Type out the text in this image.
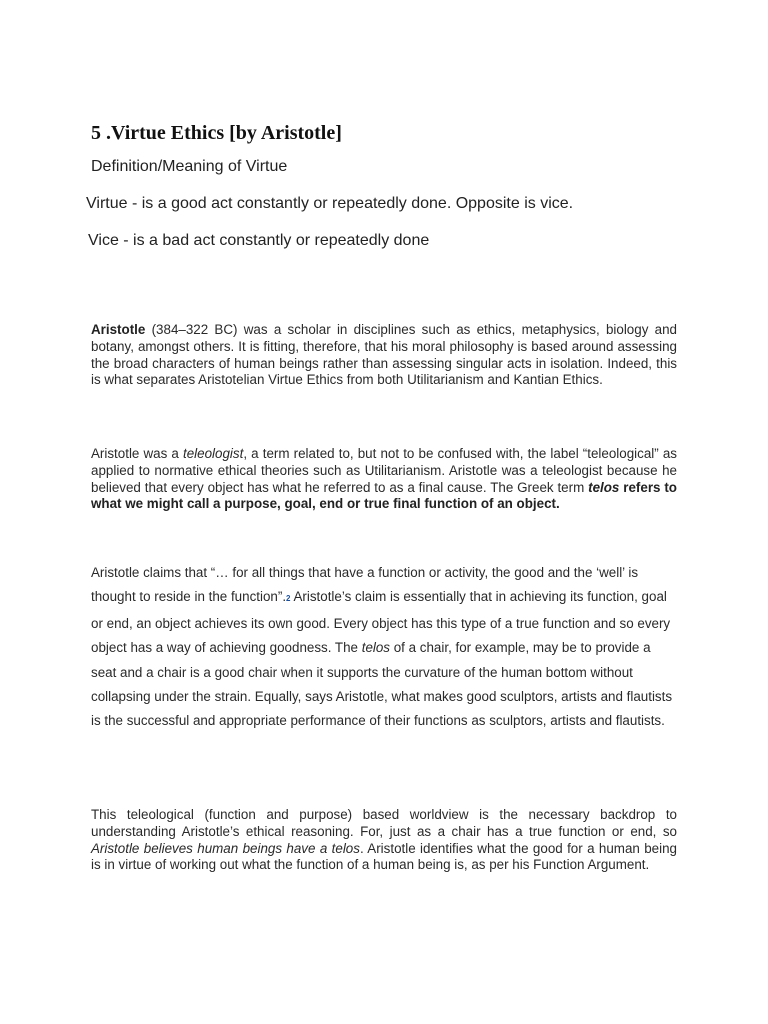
5 .Virtue Ethics [by Aristotle]

Definition/Meaning of Virtue

Virtue - is a good act constantly or repeatedly done. Opposite is vice.

Vice - is a bad act constantly or repeatedly done

Aristotle (384–322 BC) was a scholar in disciplines such as ethics, metaphysics, biology and botany, amongst others. It is fitting, therefore, that his moral philosophy is based around assessing the broad characters of human beings rather than assessing singular acts in isolation. Indeed, this is what separates Aristotelian Virtue Ethics from both Utilitarianism and Kantian Ethics.

Aristotle was a teleologist, a term related to, but not to be confused with, the label “teleological” as applied to normative ethical theories such as Utilitarianism. Aristotle was a teleologist because he believed that every object has what he referred to as a final cause. The Greek term telos refers to what we might call a purpose, goal, end or true final function of an object.

Aristotle claims that “… for all things that have a function or activity, the good and the ‘well’ is thought to reside in the function”.2 Aristotle’s claim is essentially that in achieving its function, goal or end, an object achieves its own good. Every object has this type of a true function and so every object has a way of achieving goodness. The telos of a chair, for example, may be to provide a seat and a chair is a good chair when it supports the curvature of the human bottom without collapsing under the strain. Equally, says Aristotle, what makes good sculptors, artists and flautists is the successful and appropriate performance of their functions as sculptors, artists and flautists.

This teleological (function and purpose) based worldview is the necessary backdrop to understanding Aristotle’s ethical reasoning. For, just as a chair has a true function or end, so Aristotle believes human beings have a telos. Aristotle identifies what the good for a human being is in virtue of working out what the function of a human being is, as per his Function Argument.
